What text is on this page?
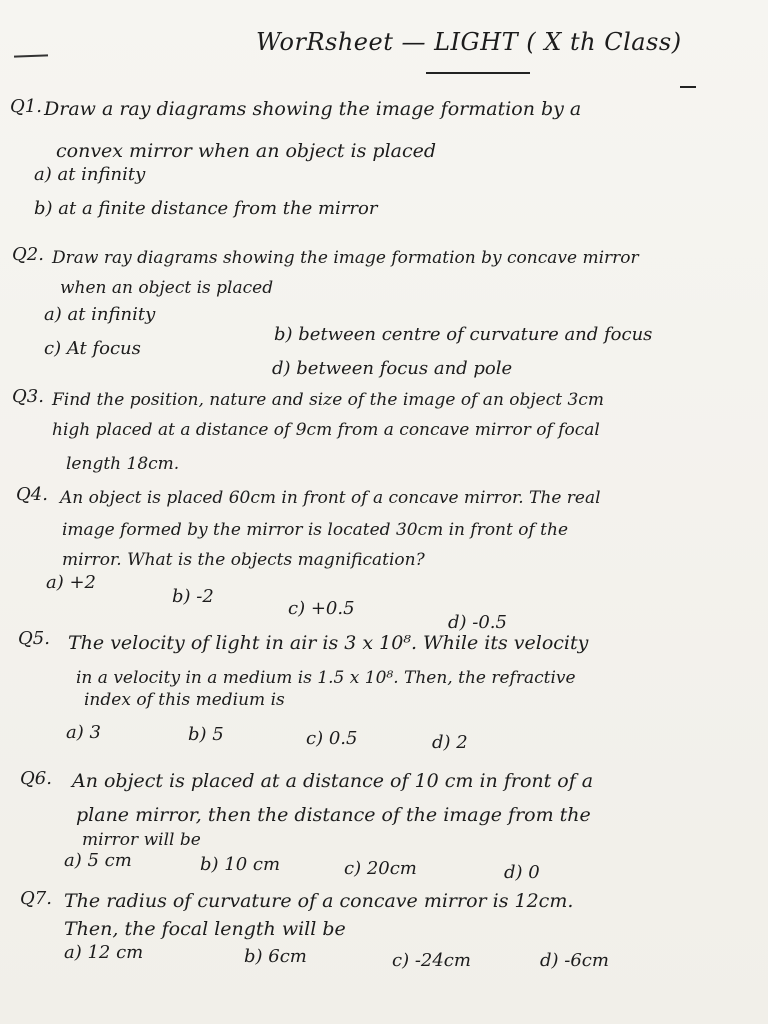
WorRsheet — LIGHT ( X th Class)
Q1. Draw a ray diagrams showing the image formation by a
convex mirror when an object is placed
a) at infinity
b) at a finite distance from the mirror
Q2. Draw ray diagrams showing the image formation by concave mirror
when an object is placed
a) at infinity
b) between centre of curvature and focus
c) At focus
d) between focus and pole
Q3. Find the position, nature and size of the image of an object 3cm
high placed at a distance of 9cm from a concave mirror of focal
length 18cm.
Q4. An object is placed 60cm in front of a concave mirror. The real
image formed by the mirror is located 30cm in front of the
mirror. What is the objects magnification?
a) +2
b) -2
c) +0.5
d) -0.5
Q5. The velocity of light in air is 3 x 10⁸. While its velocity
in a velocity in a medium is 1.5 x 10⁸. Then, the refractive
index of this medium is
a) 3	b) 5	c) 0.5	d) 2
Q6. An object is placed at a distance of 10 cm in front of a
plane mirror, then the distance of the image from the
mirror will be
a) 5 cm	b) 10 cm	c) 20cm	d) 0
Q7. The radius of curvature of a concave mirror is 12cm.
Then, the focal length will be
a) 12 cm	b) 6cm	c) -24cm	d) -6cm
